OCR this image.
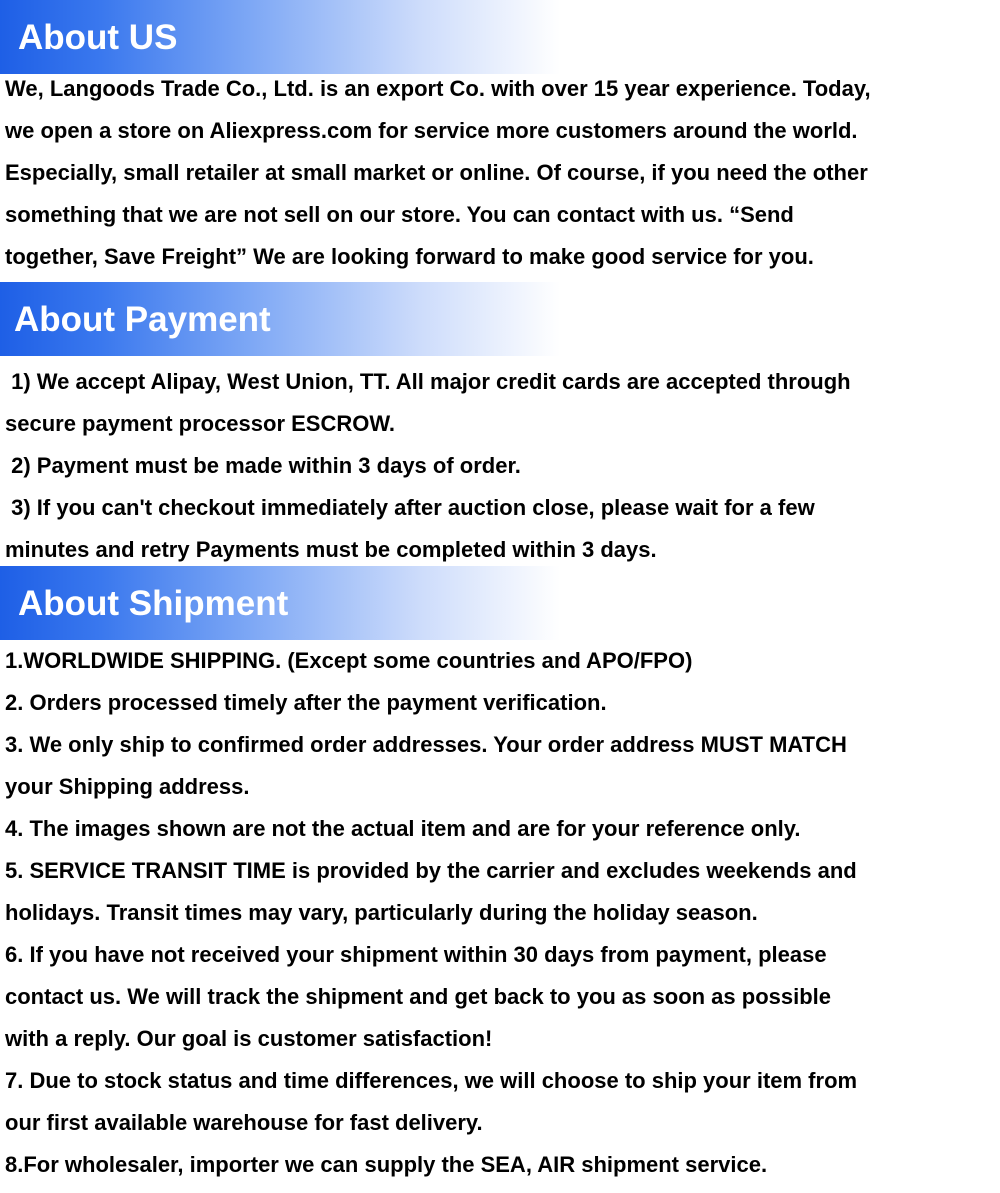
About US
We, Langoods Trade Co., Ltd. is an export Co. with over 15 year experience. Today,
we open a store on Aliexpress.com for service more customers around the world.
Especially, small retailer at small market or online. Of course, if you need the other
something that we are not sell on our store. You can contact with us. “Send
together, Save Freight” We are looking forward to make good service for you.
About Payment
1) We accept Alipay, West Union, TT. All major credit cards are accepted through
secure payment processor ESCROW.
2) Payment must be made within 3 days of order.
3) If you can't checkout immediately after auction close, please wait for a few
minutes and retry Payments must be completed within 3 days.
About Shipment
1.WORLDWIDE SHIPPING. (Except some countries and APO/FPO)
2. Orders processed timely after the payment verification.
3. We only ship to confirmed order addresses. Your order address MUST MATCH
your Shipping address.
4. The images shown are not the actual item and are for your reference only.
5. SERVICE TRANSIT TIME is provided by the carrier and excludes weekends and
holidays. Transit times may vary, particularly during the holiday season.
6. If you have not received your shipment within 30 days from payment, please
contact us. We will track the shipment and get back to you as soon as possible
with a reply. Our goal is customer satisfaction!
7. Due to stock status and time differences, we will choose to ship your item from
our first available warehouse for fast delivery.
8.For wholesaler, importer we can supply the SEA, AIR shipment service.
